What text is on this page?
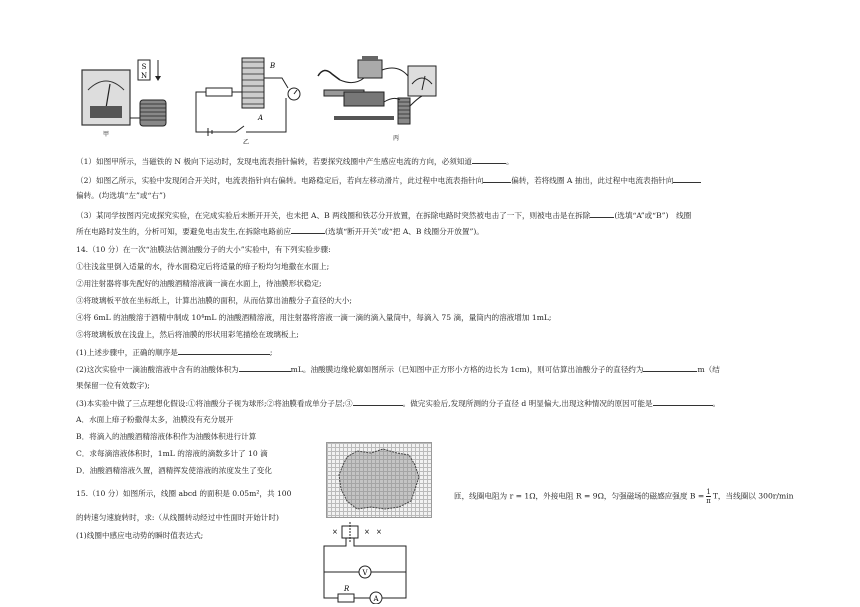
S
N
甲
B
A
乙
丙
（1）如图甲所示，当磁铁的 N 极向下运动时，发现电流表指针偏转，若要探究线圈中产生感应电流的方向，必须知道	。
（2）如图乙所示，实验中发现闭合开关时，电流表指针向右偏转。电路稳定后，若向左移动滑片，此过程中电流表指针向	偏转，若将线圈 A 抽出，此过程中电流表指针向
偏转。(均选填“左”或“右”)
（3）某同学按图丙完成探究实验，在完成实验后未断开开关，也未把 A、B 两线圈和铁芯分开放置，在拆除电路时突然被电击了一下，则被电击是在拆除	(选填“A”或“B”)　线圈
所在电路时发生的，分析可知，要避免电击发生,在拆除电路前应	(选填“断开开关”或“把 A、B 线圈分开放置”)。
14.（10 分）在一次“油膜法估测油酸分子的大小”实验中，有下列实验步骤:
①往浅盆里倒入适量的水，待水面稳定后将适量的痱子粉均匀地撒在水面上;
②用注射器将事先配好的油酸酒精溶液滴一滴在水面上，待油膜形状稳定;
③将玻璃板平放在坐标纸上，计算出油膜的面积，从而估算出油酸分子直径的大小;
④将 6mL 的油酸溶于酒精中制成 10⁴mL 的油酸酒精溶液，用注射器将溶液一滴一滴的滴入量筒中，每滴入 75 滴，量筒内的溶液增加 1mL;
⑤将玻璃板放在浅盘上，然后将油膜的形状用彩笔描绘在玻璃板上;
(1)上述步骤中，正确的顺序是	;
(2)这次实验中一滴油酸溶液中含有的油酸体积为	mL。油酸膜边缘轮廓如图所示（已知图中正方形小方格的边长为 1cm)，则可估算出油酸分子的直径约为	m（结
果保留一位有效数字);
(3)本实验中做了三点理想化假设:①将油酸分子视为球形;②将油膜看成单分子层;③	。做完实验后,发现所测的分子直径 d 明显偏大,出现这种情况的原因可能是	。
A．水面上痱子粉撒得太多，油膜没有充分展开
B．将滴入的油酸酒精溶液体积作为油酸体积进行计算
C．求每滴溶液体积时，1mL 的溶液的滴数多计了 10 滴
D．油酸酒精溶液久置，酒精挥发使溶液的浓度发生了变化
15.（10 分）如图所示，线圈 abcd 的面积是 0.05m²，共 100	匝，线圈电阻为 r = 1Ω，外接电阻 R = 9Ω，匀强磁场的磁感应强度 $B = \frac{1}{\pi}$ T，当线圈以 300r/min
的转速匀速旋转时，求:（从线圈转动经过中性面时开始计时)
(1)线圈中感应电动势的瞬时值表达式;	×	× ×
V
R
A
